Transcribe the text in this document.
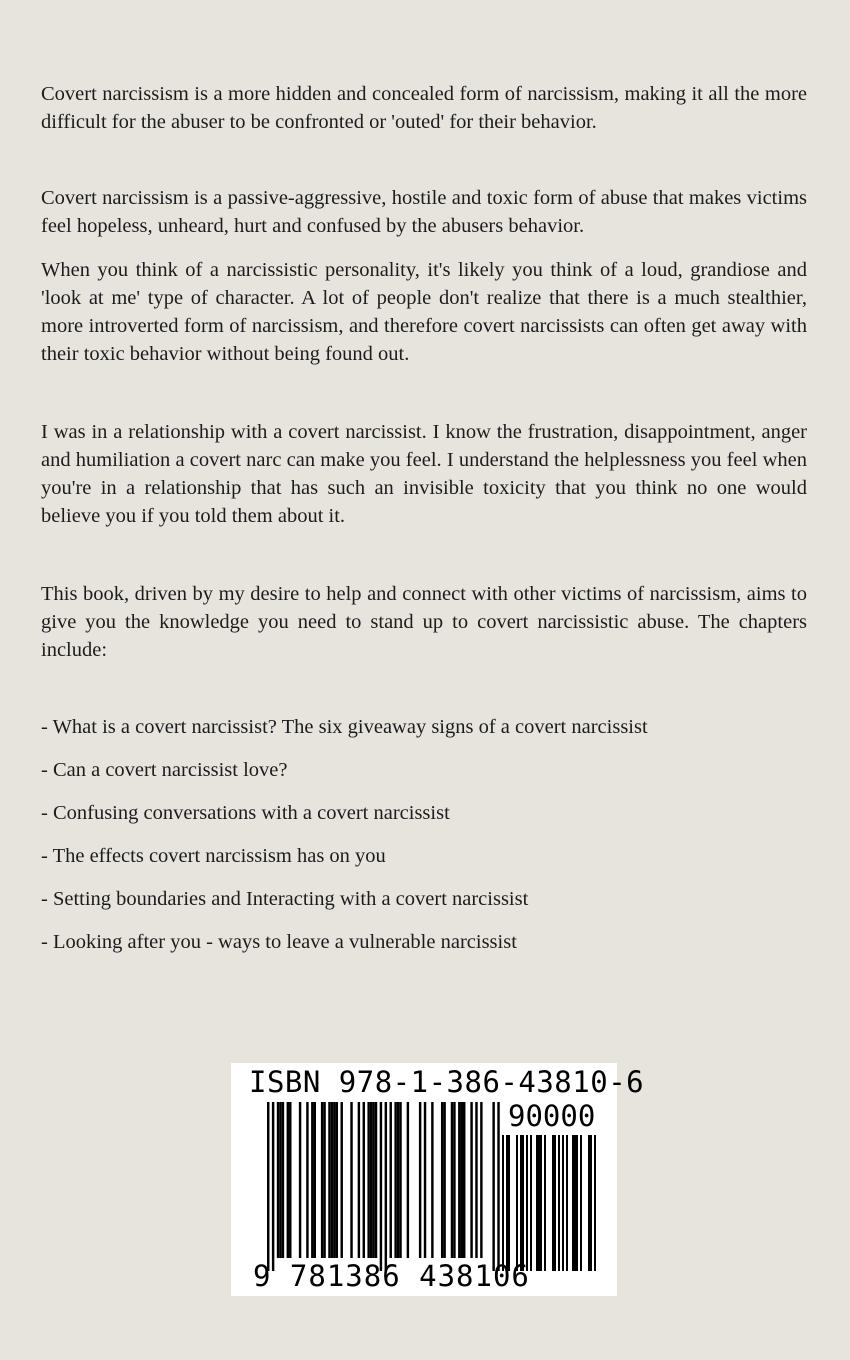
Covert narcissism is a more hidden and concealed form of narcissism, making it all the more difficult for the abuser to be confronted or 'outed' for their behavior.

Covert narcissism is a passive-aggressive, hostile and toxic form of abuse that makes victims feel hopeless, unheard, hurt and confused by the abusers behavior.

When you think of a narcissistic personality, it's likely you think of a loud, grandiose and 'look at me' type of character. A lot of people don't realize that there is a much stealthier, more introverted form of narcissism, and therefore covert narcissists can often get away with their toxic behavior without being found out.

I was in a relationship with a covert narcissist. I know the frustration, disappointment, anger and humiliation a covert narc can make you feel. I understand the helplessness you feel when you're in a relationship that has such an invisible toxicity that you think no one would believe you if you told them about it.

This book, driven by my desire to help and connect with other victims of narcissism, aims to give you the knowledge you need to stand up to covert narcissistic abuse. The chapters include:

- What is a covert narcissist? The six giveaway signs of a covert narcissist

- Can a covert narcissist love?

- Confusing conversations with a covert narcissist

- The effects covert narcissism has on you

- Setting boundaries and Interacting with a covert narcissist

- Looking after you - ways to leave a vulnerable narcissist

ISBN 978-1-386-43810-6
90000
9 781386 438106
